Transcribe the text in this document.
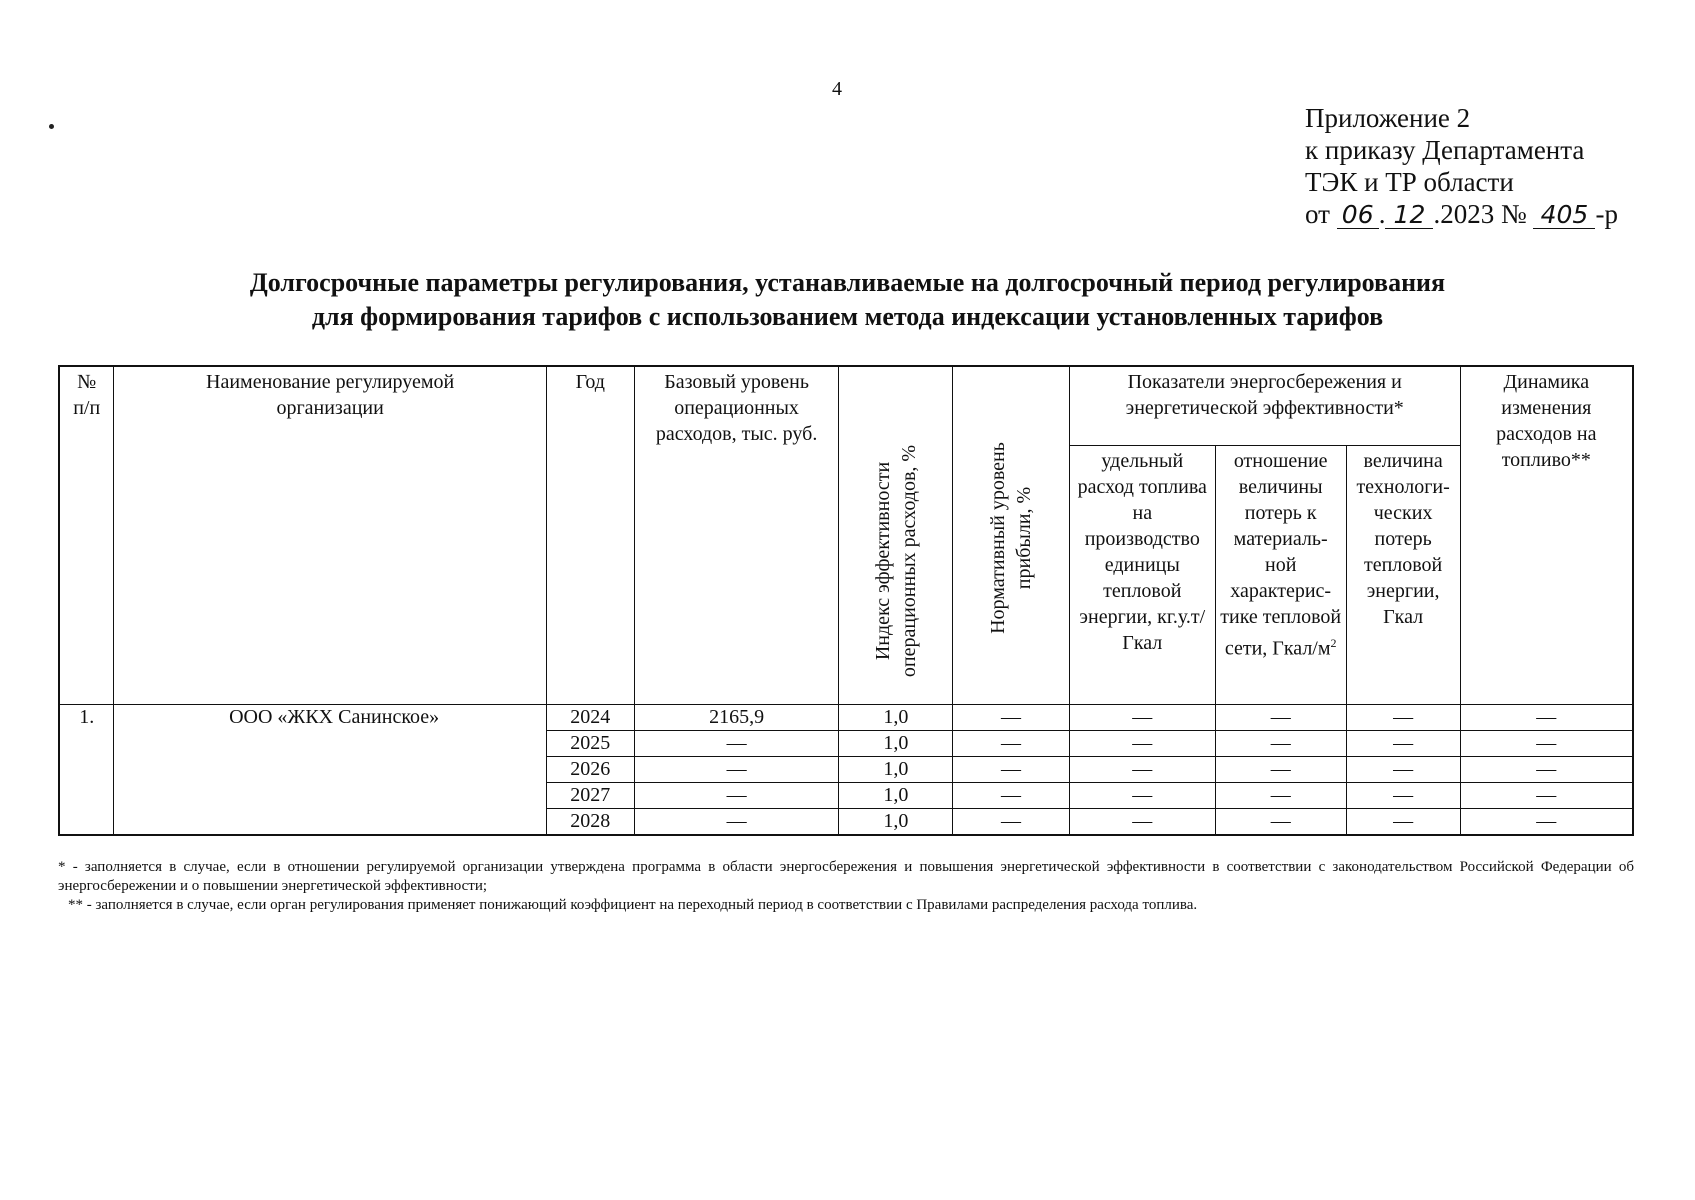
4
Приложение 2
к приказу Департамента
ТЭК и ТР области
от 06 . 12 .2023 № 405 -р
Долгосрочные параметры регулирования, устанавливаемые на долгосрочный период регулирования
для формирования тарифов с использованием метода индексации установленных тарифов
№ п/п	Наименование регулируемой организации	Год	Базовый уровень операционных расходов, тыс. руб.	Индекс эффективности операционных расходов, %	Нормативный уровень прибыли, %	Показатели энергосбережения и энергетической эффективности*			Динамика изменения расходов на топливо**
						удельный расход топлива на производство единицы тепловой энергии, кг.у.т/Гкал	отношение величины потерь к материаль-ной характерис-тике тепловой сети, Гкал/$м^2$	величина технологи-ческих потерь тепловой энергии, Гкал	
1.	ООО «ЖКХ Санинское»	2024	2165,9	1,0	—	—	—	—	—
		2025	—	1,0	—	—	—	—	—
		2026	—	1,0	—	—	—	—	—
		2027	—	1,0	—	—	—	—	—
		2028	—	1,0	—	—	—	—	—

* - заполняется в случае, если в отношении регулируемой организации утверждена программа в области энергосбережения и повышения энергетической эффективности в соответствии с законодательством Российской Федерации об энергосбережении и о повышении энергетической эффективности;

** - заполняется в случае, если орган регулирования применяет понижающий коэффициент на переходный период в соответствии с Правилами распределения расхода топлива.
